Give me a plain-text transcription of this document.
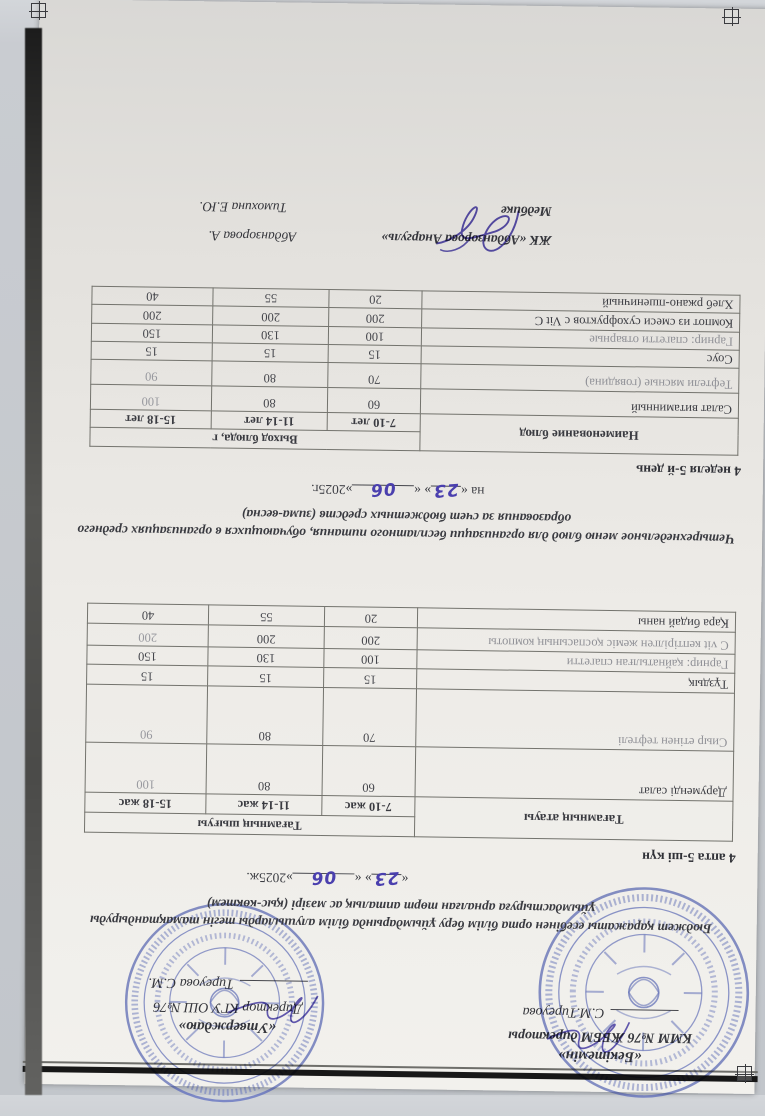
«Бекітемін»
КММ №76 ЖББМ директоры
С.М.Тиреуова
«Утверждаю»
Директор КГУ ОШ №76
Тиреуова С.М.
Бюджет қаражаты есебінен орта білім беру ұйымдарында білім алушыларды тегін тамақтандыруды ұйымдастыруға арналған төрт апталық ас мәзірі (қыс-көктем)
«23» «06»2025ж.
4 апта 5-ші күн
Тағамның атауы	Тағамның шығуы		
	7-10 жас	11-14 жас	15-18 жас
Дәруменді салат	60	80	100
Сиыр етінен тефтелі	70	80	90
Тұздық	15	15	15
Гарнир: қайнатылған спагетти	100	130	150
С vit кептірілген жеміс қоспасының компоты	200	200	200
Қара бидай наны	20	55	40
Четырехнедельное меню блюд для организации бесплатного питания, обучающихся в организациях среднего образования за счет бюджетных средств (зима-весна)
на «23» «06»2025г.
4 неделя 5-й день
Наименование блюд	Выход блюда, г		
	7-10 лет	11-14 лет	15-18 лет
Салат витаминный	60	80	100
Тефтели мясные (говядина)	70	80	90
Соус	15	15	15
Гарнир: спагетти отварные	100	130	150
Компот из смеси сухофруктов с Vit C	200	200	200
Хлеб ржано-пшеничный	20	55	40
ЖК «Абданзорова Анаргуль»
Абданзорова А.
Медбике
Тимохина Е.Ю.
